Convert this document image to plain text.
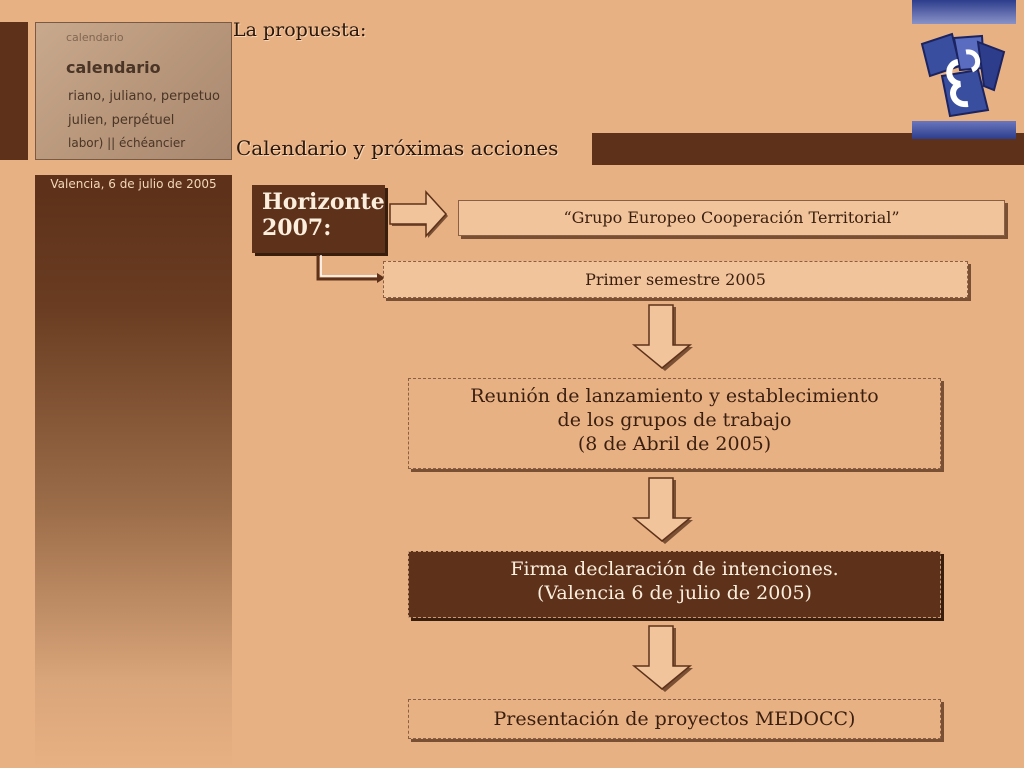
calendario
calendario
riano, juliano, perpetuo
julien, perpétuel
labor) || échéancier
Valencia, 6 de julio de 2005
La propuesta:
Calendario y próximas acciones
Horizonte
2007:	“Grupo Europeo Cooperación Territorial”
Primer semestre 2005
Reunión de lanzamiento y establecimiento
de los grupos de trabajo
(8 de Abril de 2005)
Firma declaración de intenciones.
(Valencia 6 de julio de 2005)
Presentación de proyectos MEDOCC)
